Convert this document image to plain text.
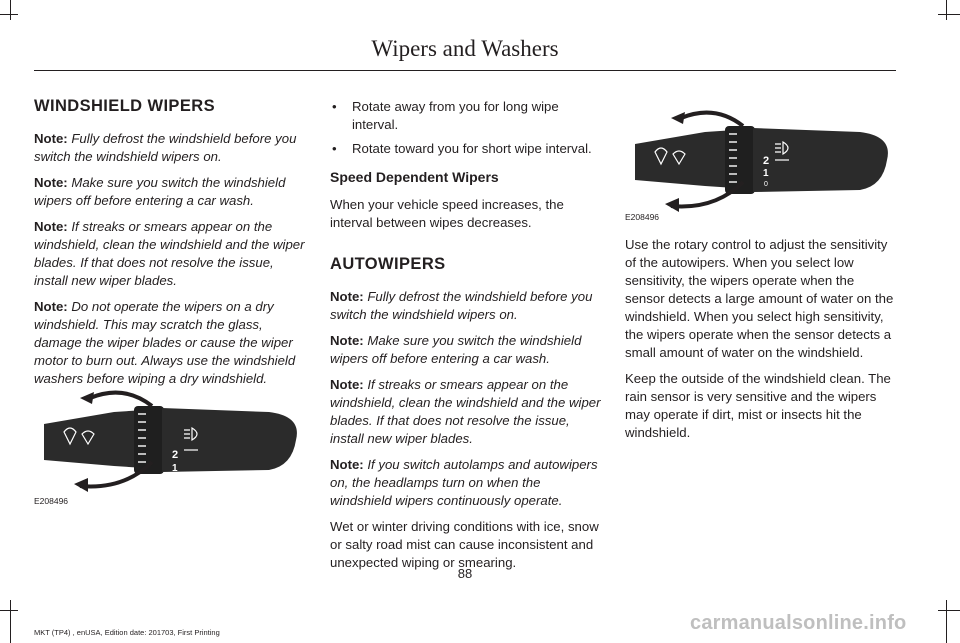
Wipers and Washers
WINDSHIELD WIPERS

Note: Fully defrost the windshield before you switch the windshield wipers on.

Note: Make sure you switch the windshield wipers off before entering a car wash.

Note: If streaks or smears appear on the windshield, clean the windshield and the wiper blades. If that does not resolve the issue, install new wiper blades.

Note: Do not operate the wipers on a dry windshield. This may scratch the glass, damage the wiper blades or cause the wiper motor to burn out. Always use the windshield washers before wiping a dry windshield.

2
1
0
E208496
• Rotate away from you for long wipe interval.
• Rotate toward you for short wipe interval.
Speed Dependent Wipers

When your vehicle speed increases, the interval between wipes decreases.

AUTOWIPERS

Note: Fully defrost the windshield before you switch the windshield wipers on.

Note: Make sure you switch the windshield wipers off before entering a car wash.

Note: If streaks or smears appear on the windshield, clean the windshield and the wiper blades. If that does not resolve the issue, install new wiper blades.

Note: If you switch autolamps and autowipers on, the headlamps turn on when the windshield wipers continuously operate.

Wet or winter driving conditions with ice, snow or salty road mist can cause inconsistent and unexpected wiping or smearing.

2
1
0
E208496

Use the rotary control to adjust the sensitivity of the autowipers. When you select low sensitivity, the wipers operate when the sensor detects a large amount of water on the windshield. When you select high sensitivity, the wipers operate when the sensor detects a small amount of water on the windshield.

Keep the outside of the windshield clean. The rain sensor is very sensitive and the wipers may operate if dirt, mist or insects hit the windshield.

88
MKT (TP4) , enUSA, Edition date: 201703, First Printing	carmanualsonline.info
